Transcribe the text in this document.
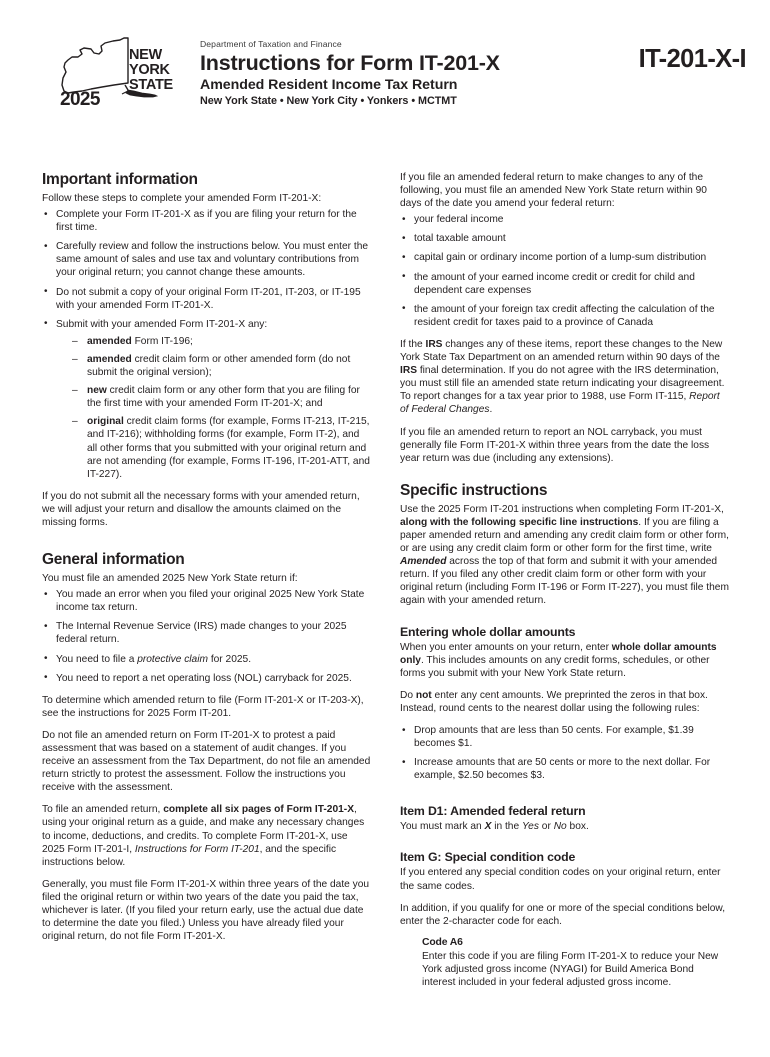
NEW
YORK
STATE
2025
Department of Taxation and Finance
Instructions for Form IT-201-X
Amended Resident Income Tax Return
New York State • New York City • Yonkers • MCTMT
IT-201-X-I
Important information

Follow these steps to complete your amended Form IT-201-X:

• Complete your Form IT-201-X as if you are filing your return for the first time.
• Carefully review and follow the instructions below. You must enter the same amount of sales and use tax and voluntary contributions from your original return; you cannot change these amounts.
• Do not submit a copy of your original Form IT-201, IT-203, or IT-195 with your amended Form IT-201-X.
• Submit with your amended Form IT-201-X any:
– amended Form IT-196;
– amended credit claim form or other amended form (do not submit the original version);
– new credit claim form or any other form that you are filing for the first time with your amended Form IT-201-X; and
– original credit claim forms (for example, Forms IT-213, IT-215, and IT-216); withholding forms (for example, Form IT-2), and all other forms that you submitted with your original return and are not amending (for example, Forms IT-196, IT-201-ATT, and IT-227).

If you do not submit all the necessary forms with your amended return, we will adjust your return and disallow the amounts claimed on the missing forms.

General information

You must file an amended 2025 New York State return if:

• You made an error when you filed your original 2025 New York State income tax return.
• The Internal Revenue Service (IRS) made changes to your 2025 federal return.
• You need to file a protective claim for 2025.
• You need to report a net operating loss (NOL) carryback for 2025.

To determine which amended return to file (Form IT-201-X or IT-203-X), see the instructions for 2025 Form IT-201.

Do not file an amended return on Form IT-201-X to protest a paid assessment that was based on a statement of audit changes. If you receive an assessment from the Tax Department, do not file an amended return strictly to protest the assessment. Follow the instructions you receive with the assessment.

To file an amended return, complete all six pages of Form IT-201-X, using your original return as a guide, and make any necessary changes to income, deductions, and credits. To complete Form IT-201-X, use 2025 Form IT-201-I, Instructions for Form IT-201, and the specific instructions below.

Generally, you must file Form IT-201-X within three years of the date you filed the original return or within two years of the date you paid the tax, whichever is later. (If you filed your return early, use the actual due date to determine the date you filed.) Unless you have already filed your original return, do not file Form IT-201-X.

If you file an amended federal return to make changes to any of the following, you must file an amended New York State return within 90 days of the date you amend your federal return:

• your federal income
• total taxable amount
• capital gain or ordinary income portion of a lump-sum distribution
• the amount of your earned income credit or credit for child and dependent care expenses
• the amount of your foreign tax credit affecting the calculation of the resident credit for taxes paid to a province of Canada

If the IRS changes any of these items, report these changes to the New York State Tax Department on an amended return within 90 days of the IRS final determination. If you do not agree with the IRS determination, you must still file an amended state return indicating your disagreement. To report changes for a tax year prior to 1988, use Form IT-115, Report of Federal Changes.

If you file an amended return to report an NOL carryback, you must generally file Form IT-201-X within three years from the date the loss year return was due (including any extensions).

Specific instructions

Use the 2025 Form IT-201 instructions when completing Form IT-201-X, along with the following specific line instructions. If you are filing a paper amended return and amending any credit claim form or other form, or are using any credit claim form or other form for the first time, write Amended across the top of that form and submit it with your amended return. If you filed any other credit claim form or other form with your original return (including Form IT-196 or Form IT-227), you must file them again with your amended return.

Entering whole dollar amounts

When you enter amounts on your return, enter whole dollar amounts only. This includes amounts on any credit forms, schedules, or other forms you submit with your New York State return.

Do not enter any cent amounts. We preprinted the zeros in that box. Instead, round cents to the nearest dollar using the following rules:

• Drop amounts that are less than 50 cents. For example, $1.39 becomes $1.
• Increase amounts that are 50 cents or more to the next dollar. For example, $2.50 becomes $3.
Item D1: Amended federal return

You must mark an X in the Yes or No box.

Item G: Special condition code

If you entered any special condition codes on your original return, enter the same codes.

In addition, if you qualify for one or more of the special conditions below, enter the 2-character code for each.

Code A6

Enter this code if you are filing Form IT-201-X to reduce your New York adjusted gross income (NYAGI) for Build America Bond interest included in your federal adjusted gross income.
